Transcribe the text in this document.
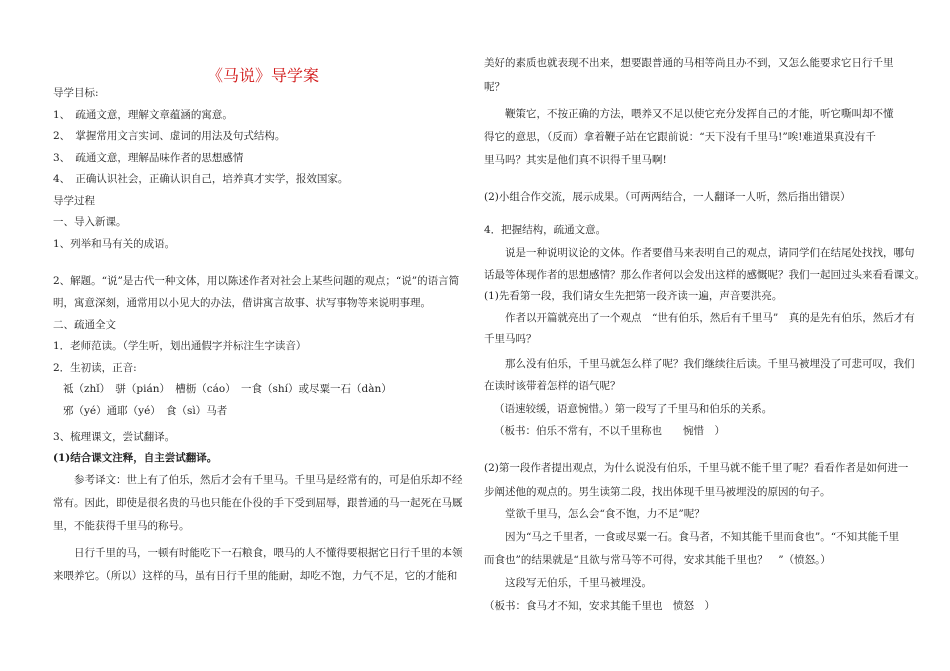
《马说》导学案
导学目标:
1、　疏通文意，理解文章蕴涵的寓意。
2、　掌握常用文言实词、虚词的用法及句式结构。
3、　疏通文意，理解品味作者的思想感情
4、　正确认识社会，正确认识自己，培养真才实学，报效国家。
导学过程
一、导入新课。
1、列举和马有关的成语。
2、解题。“说”是古代一种文体，用以陈述作者对社会上某些问题的观点；“说”的语言简
明，寓意深刻，通常用以小见大的办法，借讲寓言故事、状写事物等来说明事理。
二、疏通全文
1．老师范读。（学生听，划出通假字并标注生字读音）
2．生初读，正音:
祗（zhǐ）　骈（pián）　槽枥（cáo）　一食（shí）或尽粟一石（dàn）
邪（yé）通耶（yé）　食（sì）马者
3、梳理课文，尝试翻译。
(1)结合课文注释，自主尝试翻译。
参考译文：世上有了伯乐，然后才会有千里马。千里马是经常有的，可是伯乐却不经
常有。因此，即使是很名贵的马也只能在仆役的手下受到屈辱，跟普通的马一起死在马厩
里，不能获得千里马的称号。
日行千里的马，一顿有时能吃下一石粮食，喂马的人不懂得要根据它日行千里的本领
来喂养它。（所以）这样的马，虽有日行千里的能耐，却吃不饱，力气不足，它的才能和
美好的素质也就表现不出来，想要跟普通的马相等尚且办不到，又怎么能要求它日行千里
呢？
鞭策它，不按正确的方法，喂养又不足以使它充分发挥自己的才能，听它嘶叫却不懂
得它的意思，（反而）拿着鞭子站在它跟前说：“天下没有千里马!”唉!难道果真没有千
里马吗？其实是他们真不识得千里马啊!
(2)小组合作交流，展示成果。（可两两结合，一人翻译一人听，然后指出错误）
4．把握结构，疏通文意。
说是一种说明议论的文体。作者要借马来表明自己的观点，请同学们在结尾处找找，哪句
话最等体现作者的思想感情？那么作者何以会发出这样的感慨呢？我们一起回过头来看看课文。
(1)先看第一段，我们请女生先把第一段齐读一遍，声音要洪亮。
作者以开篇就亮出了一个观点　“世有伯乐，然后有千里马”　真的是先有伯乐，然后才有
千里马吗？
那么没有伯乐，千里马就怎么样了呢？我们继续往后读。千里马被埋没了可悲可叹，我们
在读时该带着怎样的语气呢？
（语速较缓，语意惋惜。）第一段写了千里马和伯乐的关系。
（板书：伯乐不常有，不以千里称也　　惋惜　）
(2)第一段作者提出观点，为什么说没有伯乐，千里马就不能千里了呢？看看作者是如何进一
步阐述他的观点的。男生读第二段，找出体现千里马被埋没的原因的句子。
堂欲千里马，怎么会“食不饱，力不足”呢？
因为“马之千里者，一食或尽粟一石。食马者，不知其能千里而食也”。“不知其能千里
而食也”的结果就是“且欲与常马等不可得，安求其能千里也？　”（愤怒。）
这段写无伯乐，千里马被埋没。
（板书：食马才不知，安求其能千里也　愤怒　）
